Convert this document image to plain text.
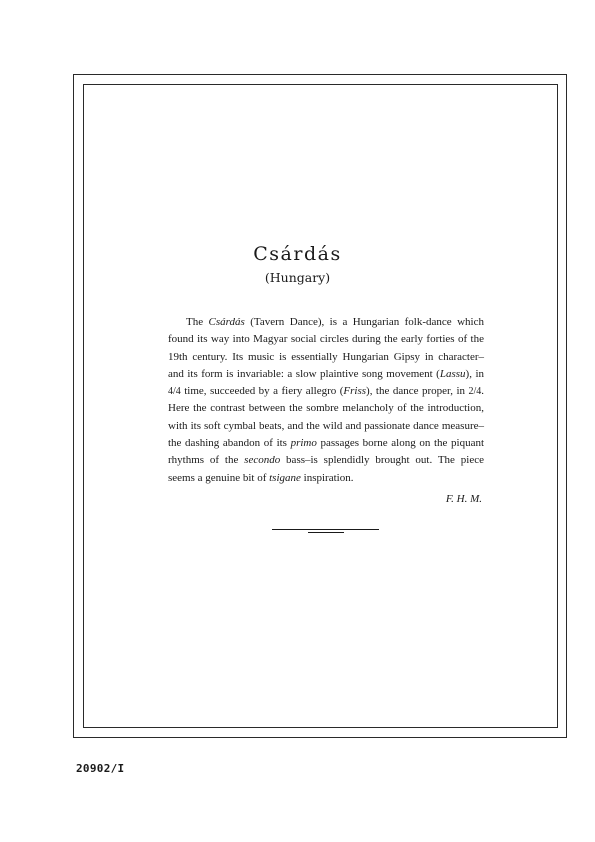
Csárdás
(Hungary)
The Csárdás (Tavern Dance), is a Hungarian folk-dance which found its way into Magyar social circles during the early forties of the 19th century. Its music is essentially Hungarian Gipsy in character– and its form is invariable: a slow plaintive song movement (Lassu), in 4/4 time, succeeded by a fiery allegro (Friss), the dance proper, in 2/4. Here the contrast between the sombre melancholy of the introduction, with its soft cymbal beats, and the wild and passionate dance measure– the dashing abandon of its primo passages borne along on the piquant rhythms of the secondo bass–is splendidly brought out. The piece seems a genuine bit of tsigane inspiration.
F. H. M.
20902/I
